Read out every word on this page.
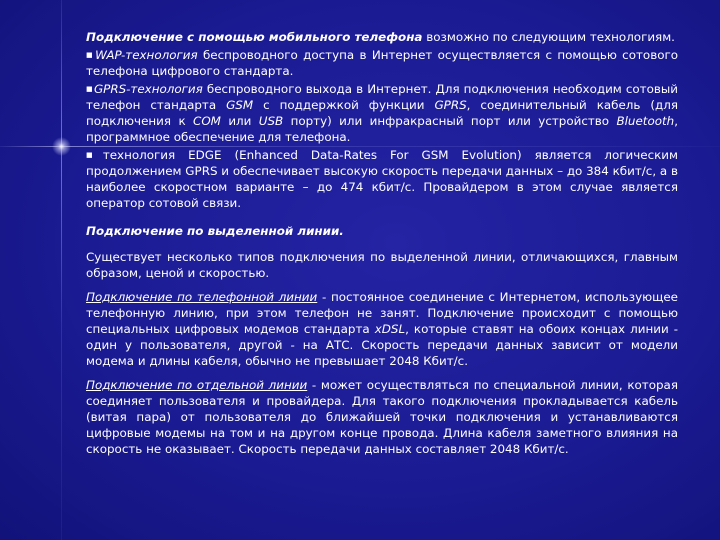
Подключение с помощью мобильного телефона возможно по следующим технологиям.

■ WAP-технология беспроводного доступа в Интернет осуществляется с помощью сотового телефона цифрового стандарта.

■ GPRS-технология беспроводного выхода в Интернет. Для подключения необходим сотовый телефон стандарта GSM с поддержкой функции GPRS, соединительный кабель (для подключения к COM или USB порту) или инфракрасный порт или устройство Bluetooth, программное обеспечение для телефона.

■ технология EDGE (Enhanced Data-Rates For GSM Evolution) является логическим продолжением GPRS и обеспечивает высокую скорость передачи данных – до 384 кбит/с, а в наиболее скоростном варианте – до 474 кбит/с. Провайдером в этом случае является оператор сотовой связи.

Подключение по выделенной линии.

Существует несколько типов подключения по выделенной линии, отличающихся, главным образом, ценой и скоростью.

Подключение по телефонной линии - постоянное соединение с Интернетом, использующее телефонную линию, при этом телефон не занят. Подключение происходит с помощью специальных цифровых модемов стандарта xDSL, которые ставят на обоих концах линии - один у пользователя, другой - на АТС. Скорость передачи данных зависит от модели модема и длины кабеля, обычно не превышает 2048 Кбит/с.

Подключение по отдельной линии - может осуществляться по специальной линии, которая соединяет пользователя и провайдера. Для такого подключения прокладывается кабель (витая пара) от пользователя до ближайшей точки подключения и устанавливаются цифровые модемы на том и на другом конце провода. Длина кабеля заметного влияния на скорость не оказывает. Скорость передачи данных составляет 2048 Кбит/с.
